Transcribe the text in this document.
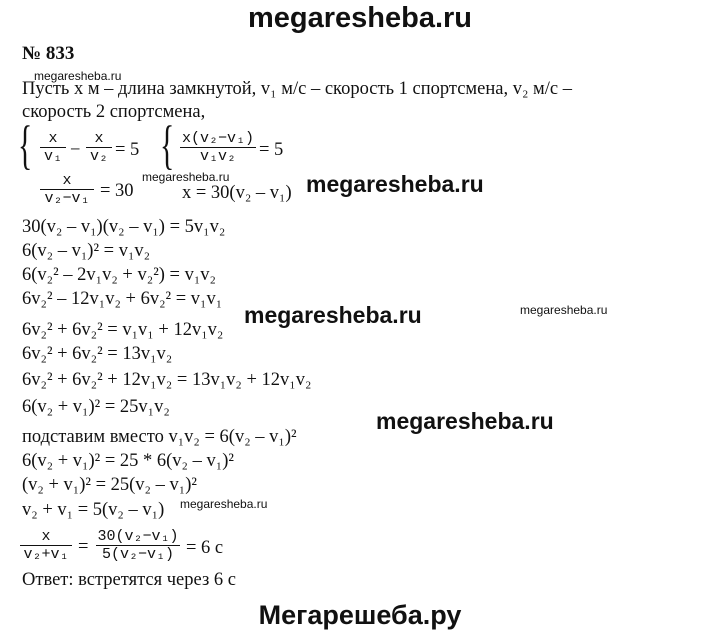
megaresheba.ru
№ 833
megaresheba.ru
Пусть x м – длина замкнутой, v₁ м/с – скорость 1 спортсмена, v₂ м/с –
скорость 2 спортсмена,
{ $\frac{x}{\text{v₁}} - \frac{x}{\text{v₂}} = 5$
$\frac{x}{\text{v₂−v₁}} = 30$
{ $\frac{\text{x(v₂−v₁)}}{\text{v₁v₂}} = 5$
x = 30(v₂ – v₁)
megaresheba.ru	megaresheba.ru
30(v₂ – v₁)(v₂ – v₁) = 5v₁v₂
6(v₂ – v₁)² = v₁v₂
6(v₂² – 2v₁v₂ + v₂²) = v₁v₂
6v₂² – 12v₁v₂ + 6v₂² = v₁v₁
6v₂² + 6v₂² = v₁v₁ + 12v₁v₂
6v₂² + 6v₂² = 13v₁v₂
6v₂² + 6v₂² + 12v₁v₂ = 13v₁v₂ + 12v₁v₂
6(v₂ + v₁)² = 25v₁v₂
подставим вместо v₁v₂ = 6(v₂ – v₁)²
6(v₂ + v₁)² = 25 * 6(v₂ – v₁)²
(v₂ + v₁)² = 25(v₂ – v₁)²
v₂ + v₁ = 5(v₂ – v₁)
megaresheba.ru	megaresheba.ru
megaresheba.ru
megaresheba.ru
$\frac{x}{\text{v₂+v₁}} = \frac{\text{30(v₂−v₁)}}{\text{5(v₂−v₁)}} = 6$ с
Ответ: встретятся через 6 с
Мегарешеба.ру
